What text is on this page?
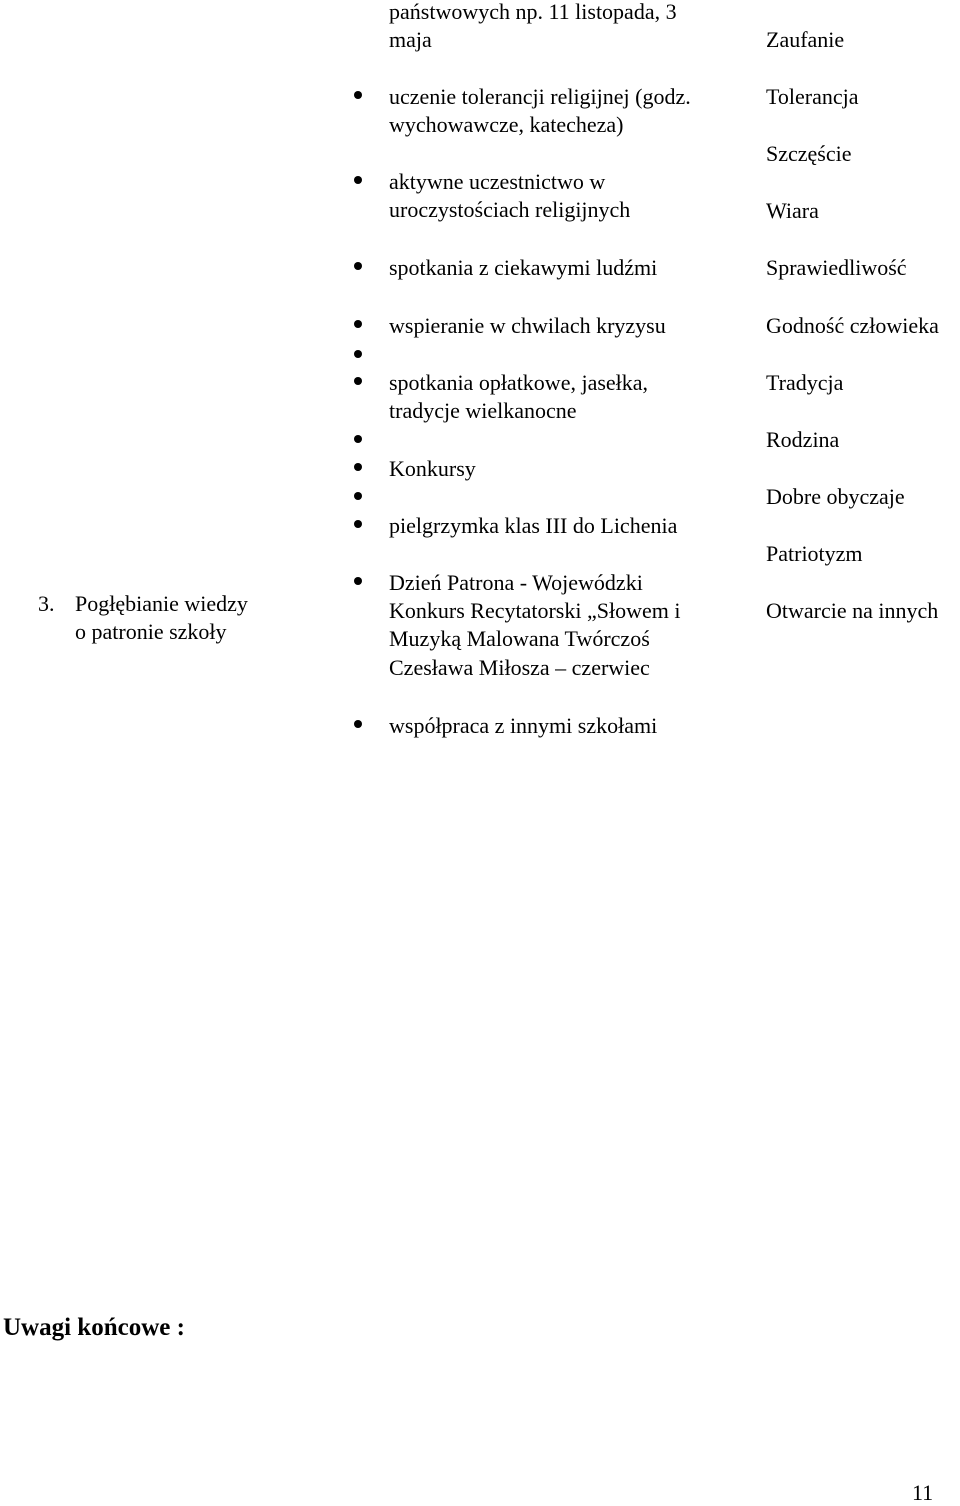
państwowych np. 11 listopada, 3
maja
uczenie tolerancji religijnej (godz.
wychowawcze, katecheza)
aktywne uczestnictwo w
uroczystościach religijnych
spotkania z ciekawymi ludźmi
wspieranie w chwilach kryzysu
spotkania opłatkowe, jasełka,
tradycje wielkanocne
Konkursy
pielgrzymka klas III do Lichenia
Dzień Patrona - Wojewódzki
Konkurs Recytatorski „Słowem i
Muzyką Malowana Twórczoś
Czesława Miłosza – czerwiec
współpraca z innymi szkołami
3. Pogłębianie wiedzy
o patronie szkoły
Zaufanie
Tolerancja
Szczęście
Wiara
Sprawiedliwość
Godność człowieka
Tradycja
Rodzina
Dobre obyczaje
Patriotyzm
Otwarcie na innych
Uwagi końcowe :
11
